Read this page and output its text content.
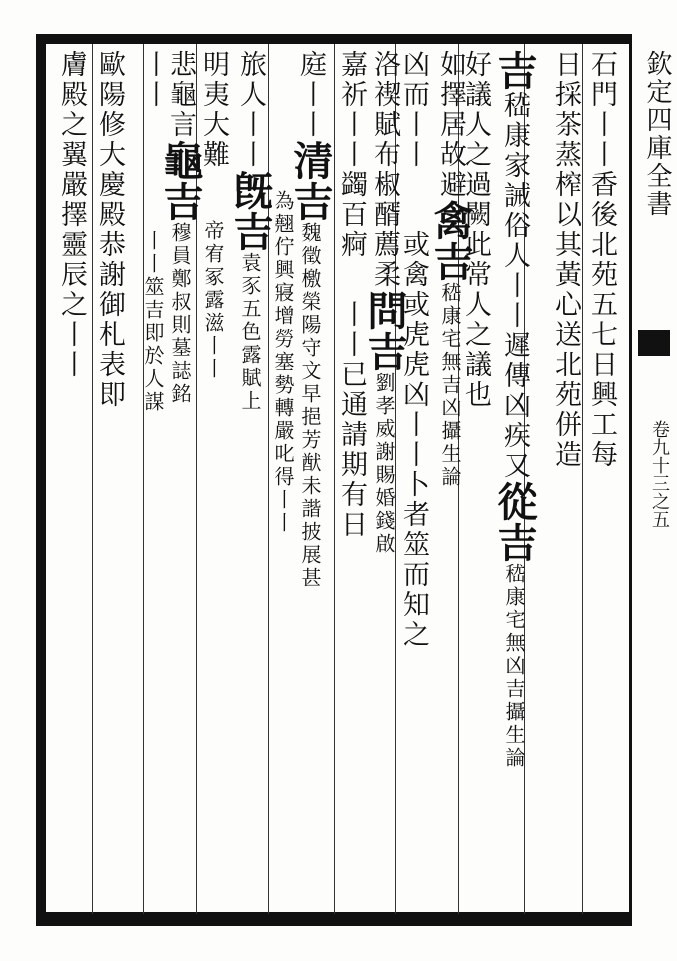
欽定四庫全書
卷九十三之五
石門丨丨香後北苑五七日興工每
日採茶蒸榨以其黃心送北苑併造
吉嵇康家誡俗人丨丨遲傳凶疾又從吉嵇康宅無凶吉攝生論
好議人之過闕此常人之議也
如擇居故避禽吉嵇康宅無吉凶攝生論
凶而丨丨或禽或虎虎凶丨丨卜者筮而知之
洛禊賦布椒醑薦柔問吉劉孝威謝賜婚錢啟
嘉祈丨丨蠲百痾丨丨已通請期有日
庭丨丨清吉魏徵檄榮陽守文早挹芳猷未諧披展甚
為翹佇興寢增勞塞勢轉嚴叱得丨丨
旅人丨丨旣吉袁豕五色露賦上
明夷大難帝宥冢露滋丨丨
悲龜言龜吉穆員鄭叔則墓誌銘
丨丨丨丨筮吉即於人謀
歐陽修大慶殿恭謝御札表即
膚殿之翼嚴擇靈辰之丨丨
